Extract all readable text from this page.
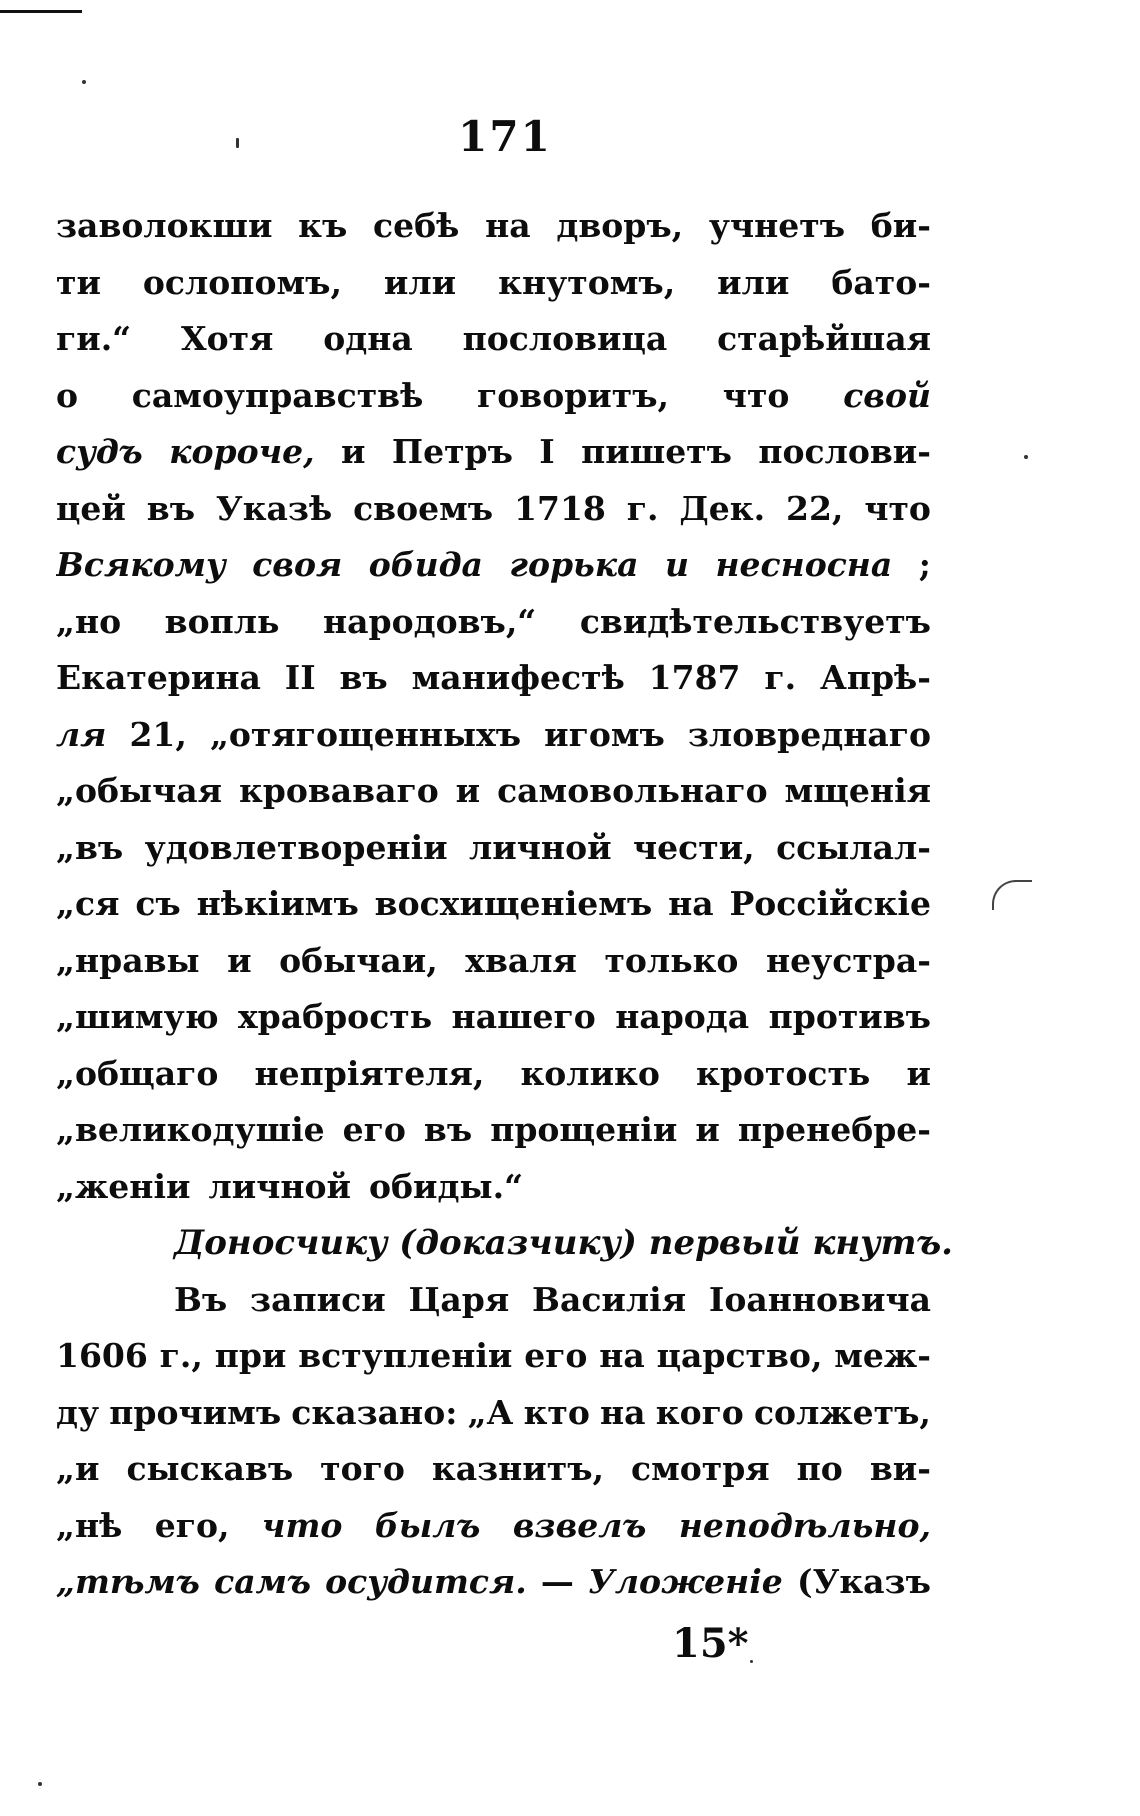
171
заволокши къ себѣ на дворъ, учнетъ би-
ти ослопомъ, или кнутомъ, или бато-
ги.“ Хотя одна пословица старѣйшая
о самоуправствѣ говоритъ, что свой
судъ короче, и Петръ I пишетъ послови-
цей въ Указѣ своемъ 1718 г. Дек. 22, что
Всякому своя обида горька и несносна ;
„но вопль народовъ,“ свидѣтельствуетъ
Екатерина II въ манифестѣ 1787 г. Апрѣ-
ля 21, „отягощенныхъ игомъ зловреднаго
„обычая кроваваго и самовольнаго мщенія
„въ удовлетвореніи личной чести, ссылал-
„ся съ нѣкіимъ восхищеніемъ на Россійскіе
„нравы и обычаи, хваля только неустра-
„шимую храбрость нашего народа противъ
„общаго непріятеля, колико кротость и
„великодушіе его въ прощеніи и пренебре-
„женіи личной обиды.“
Доносчику (доказчику) первый кнутъ.
Въ записи Царя Василія Іоанновича
1606 г., при вступленіи его на царство, меж-
ду прочимъ сказано: „А кто на кого солжетъ,
„и сыскавъ того казнитъ, смотря по ви-
„нѣ его, что былъ взвелъ неподѣльно,
„тѣмъ самъ осудится. — Уложеніе (Указъ
15*
